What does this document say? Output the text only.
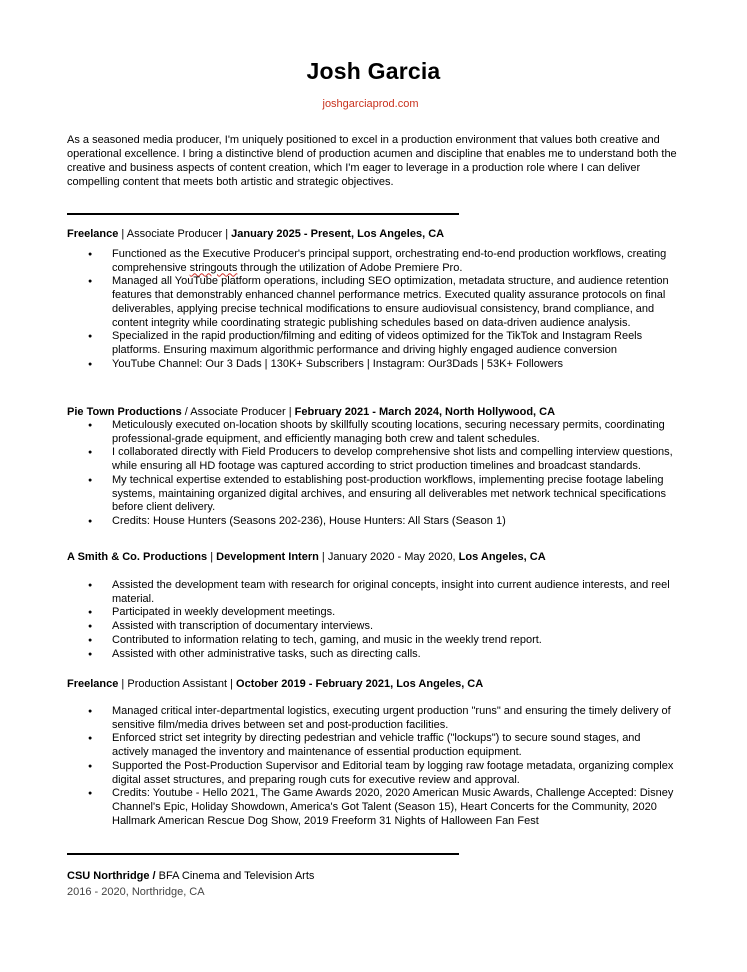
Josh Garcia
joshgarciaprod.com
As a seasoned media producer, I'm uniquely positioned to excel in a production environment that values both creative and operational excellence. I bring a distinctive blend of production acumen and discipline that enables me to understand both the creative and business aspects of content creation, which I'm eager to leverage in a production role where I can deliver compelling content that meets both artistic and strategic objectives.
Freelance | Associate Producer | January 2025 - Present, Los Angeles, CA
● Functioned as the Executive Producer's principal support, orchestrating end-to-end production workflows, creating comprehensive stringouts through the utilization of Adobe Premiere Pro.
● Managed all YouTube platform operations, including SEO optimization, metadata structure, and audience retention features that demonstrably enhanced channel performance metrics. Executed quality assurance protocols on final deliverables, applying precise technical modifications to ensure audiovisual consistency, brand compliance, and content integrity while coordinating strategic publishing schedules based on data-driven audience analysis.
● Specialized in the rapid production/filming and editing of videos optimized for the TikTok and Instagram Reels platforms. Ensuring maximum algorithmic performance and driving highly engaged audience conversion
● YouTube Channel: Our 3 Dads | 130K+ Subscribers | Instagram: Our3Dads | 53K+ Followers
Pie Town Productions / Associate Producer | February 2021 - March 2024, North Hollywood, CA
● Meticulously executed on-location shoots by skillfully scouting locations, securing necessary permits, coordinating professional-grade equipment, and efficiently managing both crew and talent schedules.
● I collaborated directly with Field Producers to develop comprehensive shot lists and compelling interview questions, while ensuring all HD footage was captured according to strict production timelines and broadcast standards.
● My technical expertise extended to establishing post-production workflows, implementing precise footage labeling systems, maintaining organized digital archives, and ensuring all deliverables met network technical specifications before client delivery.
● Credits: House Hunters (Seasons 202-236), House Hunters: All Stars (Season 1)
A Smith & Co. Productions | Development Intern | January 2020 - May 2020, Los Angeles, CA
● Assisted the development team with research for original concepts, insight into current audience interests, and reel material.
● Participated in weekly development meetings.
● Assisted with transcription of documentary interviews.
● Contributed to information relating to tech, gaming, and music in the weekly trend report.
● Assisted with other administrative tasks, such as directing calls.
Freelance | Production Assistant | October 2019 - February 2021, Los Angeles, CA
● Managed critical inter-departmental logistics, executing urgent production "runs" and ensuring the timely delivery of sensitive film/media drives between set and post-production facilities.
● Enforced strict set integrity by directing pedestrian and vehicle traffic ("lockups") to secure sound stages, and actively managed the inventory and maintenance of essential production equipment.
● Supported the Post-Production Supervisor and Editorial team by logging raw footage metadata, organizing complex digital asset structures, and preparing rough cuts for executive review and approval.
● Credits: Youtube - Hello 2021, The Game Awards 2020, 2020 American Music Awards, Challenge Accepted: Disney Channel's Epic, Holiday Showdown, America's Got Talent (Season 15), Heart Concerts for the Community, 2020 Hallmark American Rescue Dog Show, 2019 Freeform 31 Nights of Halloween Fan Fest
CSU Northridge / BFA Cinema and Television Arts
2016 - 2020, Northridge, CA
